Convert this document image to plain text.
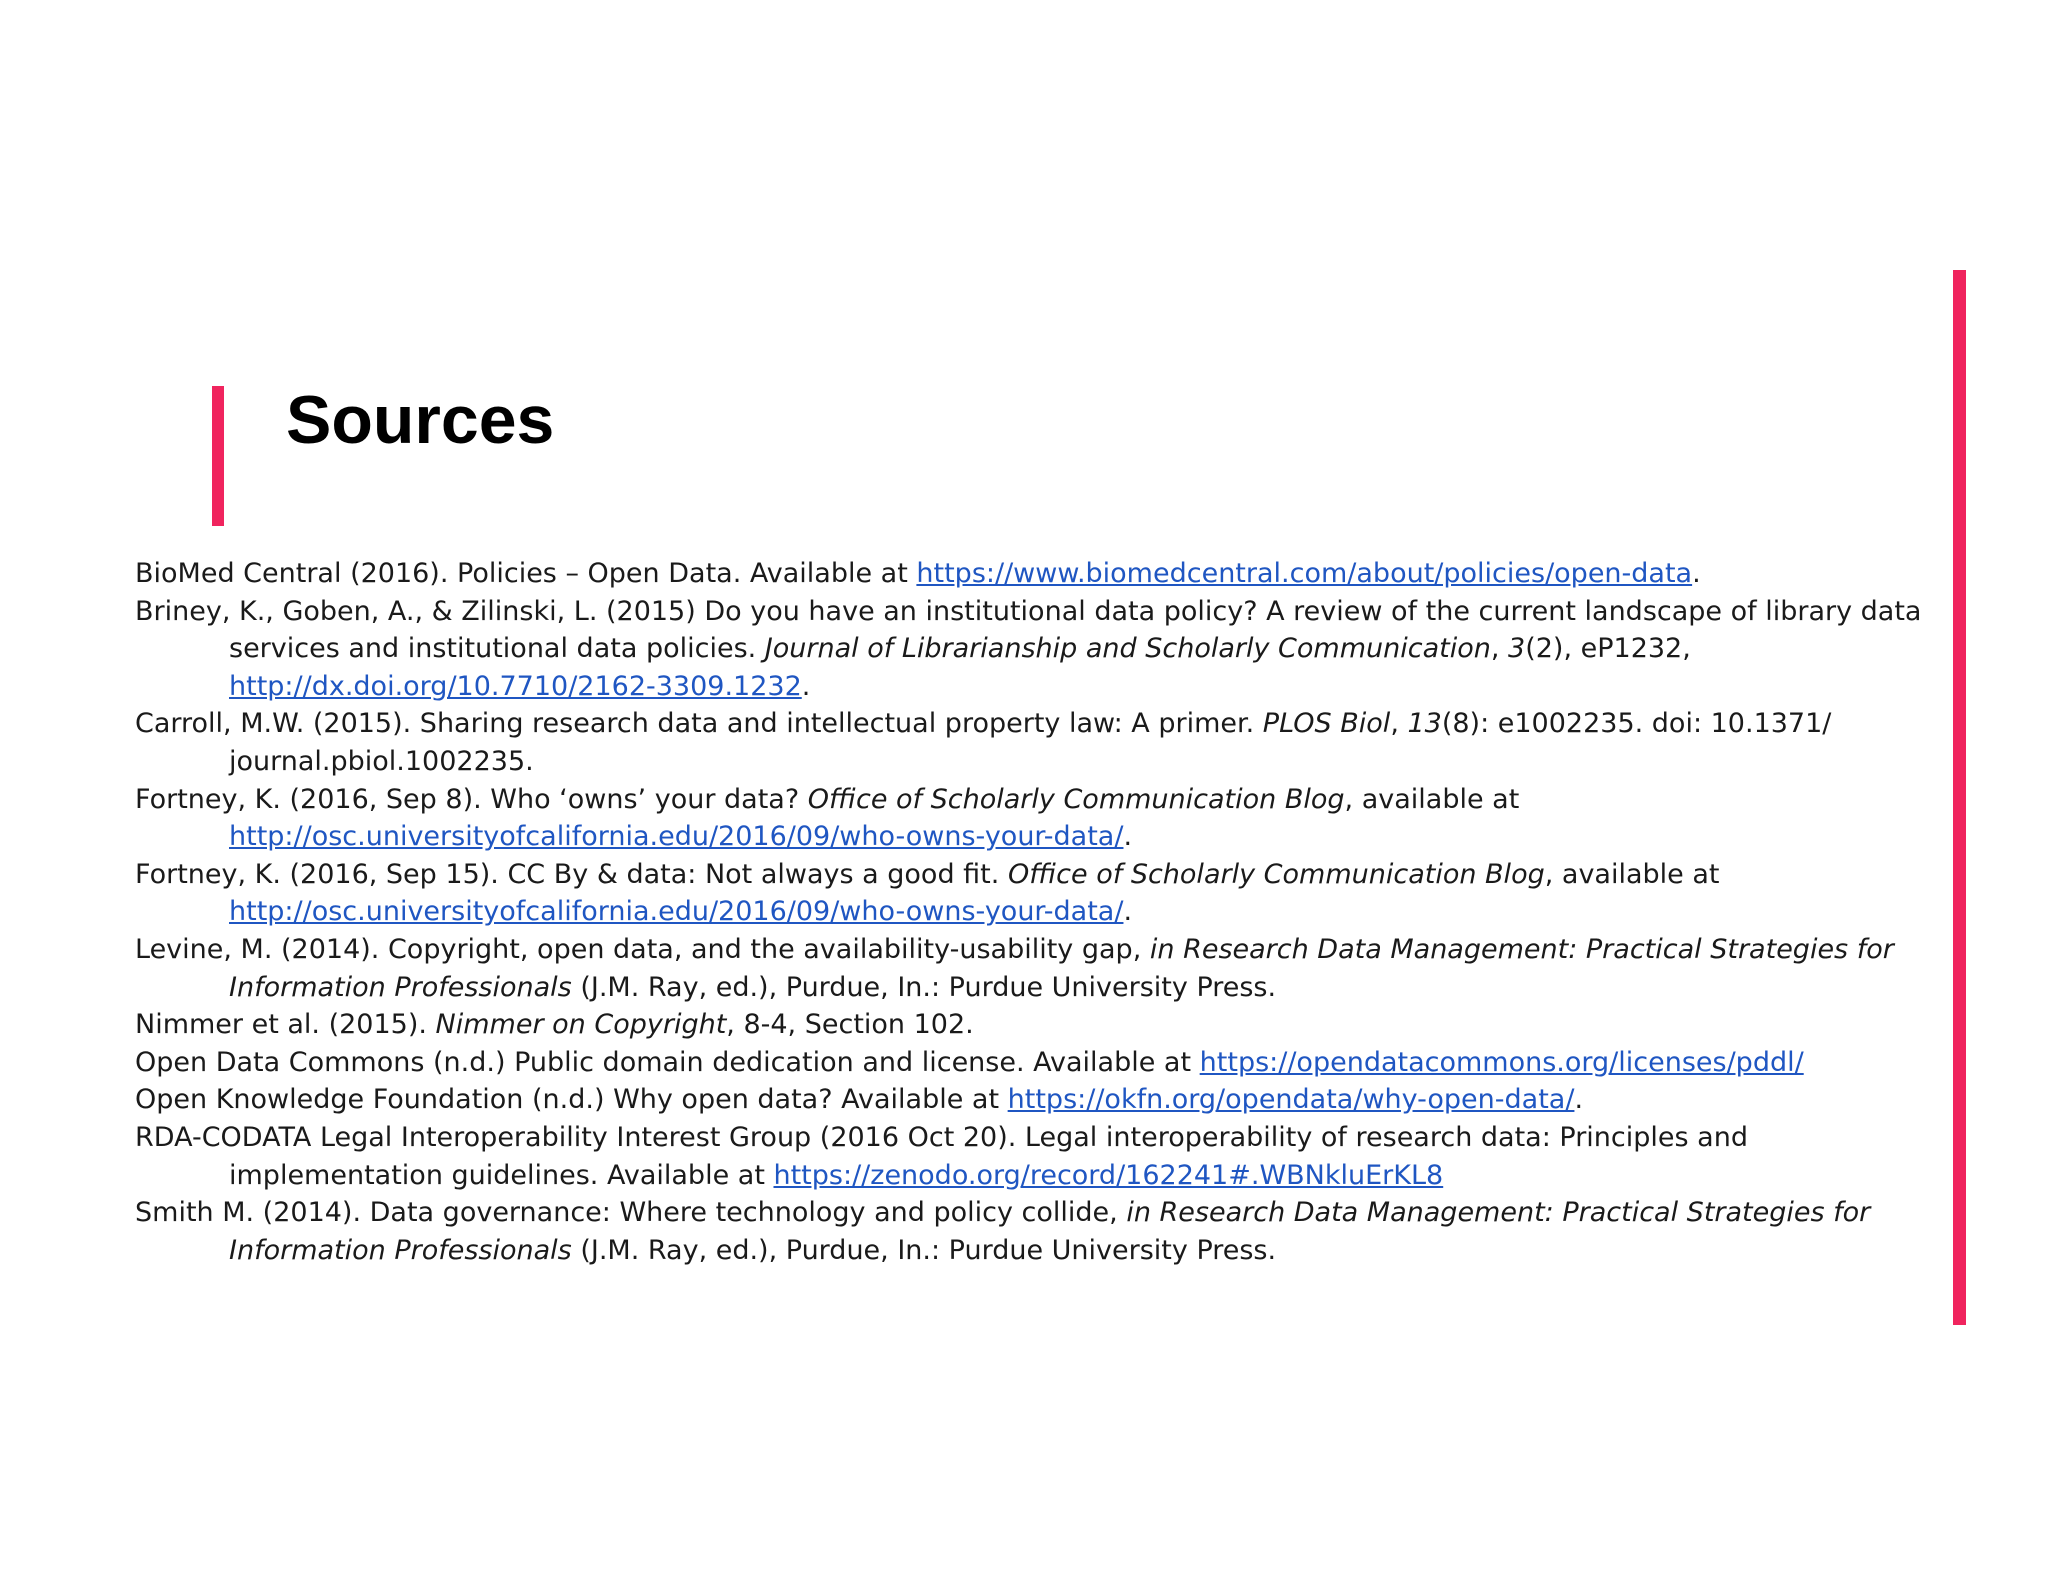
Sources

BioMed Central (2016). Policies – Open Data. Available at https://www.biomedcentral.com/about/policies/open-data.

Briney, K., Goben, A., & Zilinski, L. (2015) Do you have an institutional data policy? A review of the current landscape of library data services and institutional data policies. Journal of Librarianship and Scholarly Communication, 3(2), eP1232, http://dx.doi.org/10.7710/2162-3309.1232.

Carroll, M.W. (2015). Sharing research data and intellectual property law: A primer. PLOS Biol, 13(8): e1002235. doi: 10.1371/ journal.pbiol.1002235.

Fortney, K. (2016, Sep 8). Who ‘owns’ your data? Office of Scholarly Communication Blog, available at http://osc.universityofcalifornia.edu/2016/09/who-owns-your-data/.

Fortney, K. (2016, Sep 15). CC By & data: Not always a good fit. Office of Scholarly Communication Blog, available at http://osc.universityofcalifornia.edu/2016/09/who-owns-your-data/.

Levine, M. (2014). Copyright, open data, and the availability-usability gap, in Research Data Management: Practical Strategies for Information Professionals (J.M. Ray, ed.), Purdue, In.: Purdue University Press.

Nimmer et al. (2015). Nimmer on Copyright, 8-4, Section 102.

Open Data Commons (n.d.) Public domain dedication and license. Available at https://opendatacommons.org/licenses/pddl/

Open Knowledge Foundation (n.d.) Why open data? Available at https://okfn.org/opendata/why-open-data/.

RDA-CODATA Legal Interoperability Interest Group (2016 Oct 20). Legal interoperability of research data: Principles and implementation guidelines. Available at https://zenodo.org/record/162241#.WBNkluErKL8

Smith M. (2014). Data governance: Where technology and policy collide, in Research Data Management: Practical Strategies for Information Professionals (J.M. Ray, ed.), Purdue, In.: Purdue University Press.
